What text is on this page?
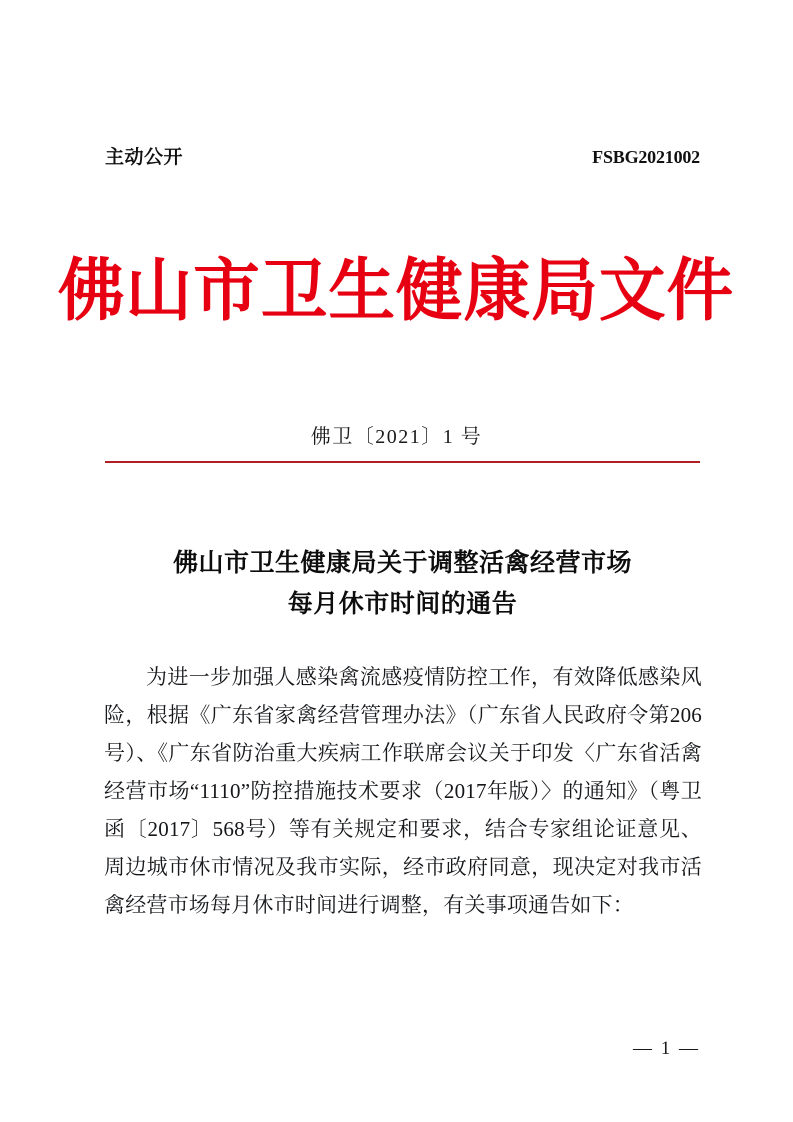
主动公开	FSBG2021002
佛山市卫生健康局文件
佛卫〔2021〕1 号
佛山市卫生健康局关于调整活禽经营市场
每月休市时间的通告

为进一步加强人感染禽流感疫情防控工作，有效降低感染风险，根据《广东省家禽经营管理办法》（广东省人民政府令第206号）、《广东省防治重大疾病工作联席会议关于印发〈广东省活禽经营市场“1110”防控措施技术要求（2017年版）〉的通知》（粤卫函〔2017〕568号）等有关规定和要求，结合专家组论证意见、周边城市休市情况及我市实际，经市政府同意，现决定对我市活禽经营市场每月休市时间进行调整，有关事项通告如下：

— 1 —
